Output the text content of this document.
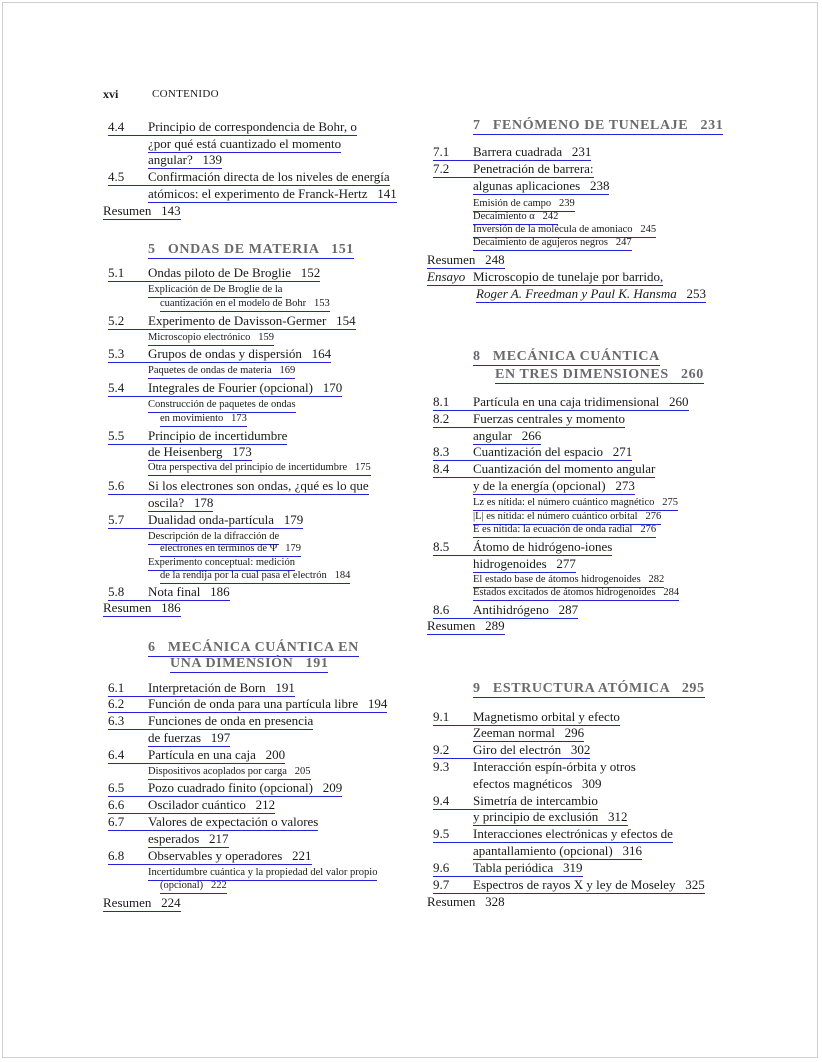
xvi	CONTENIDO
4.4 Principio de correspondencia de Bohr, o
¿por qué está cuantizado el momento
angular?   139
4.5 Confirmación directa de los niveles de energía
atómicos: el experimento de Franck-Hertz   141
Resumen   143
5   ONDAS DE MATERIA   151
5.1 Ondas piloto de De Broglie   152
Explicación de De Broglie de la
cuantización en el modelo de Bohr   153
5.2 Experimento de Davisson-Germer   154
Microscopio electrónico   159
5.3 Grupos de ondas y dispersión   164
Paquetes de ondas de materia   169
5.4 Integrales de Fourier (opcional)   170
Construcción de paquetes de ondas
en movimiento   173
5.5 Principio de incertidumbre
de Heisenberg   173
Otra perspectiva del principio de incertidumbre   175
5.6 Si los electrones son ondas, ¿qué es lo que
oscila?   178
5.7 Dualidad onda-partícula   179
Descripción de la difracción de
electrones en términos de Ψ   179
Experimento conceptual: medición
de la rendija por la cual pasa el electrón   184
5.8 Nota final   186
Resumen   186
6   MECÁNICA CUÁNTICA EN
UNA DIMENSIÓN   191
6.1 Interpretación de Born   191
6.2 Función de onda para una partícula libre   194
6.3 Funciones de onda en presencia
de fuerzas   197
6.4 Partícula en una caja   200
Dispositivos acoplados por carga   205
6.5 Pozo cuadrado finito (opcional)   209
6.6 Oscilador cuántico   212
6.7 Valores de expectación o valores
esperados   217
6.8 Observables y operadores   221
Incertidumbre cuántica y la propiedad del valor propio
(opcional)   222
Resumen   224
7   FENÓMENO DE TUNELAJE   231
7.1 Barrera cuadrada   231
7.2 Penetración de barrera:
algunas aplicaciones   238
Emisión de campo   239
Decaimiento α   242
Inversión de la molécula de amoniaco   245
Decaimiento de agujeros negros   247
Resumen   248
Ensayo Microscopio de tunelaje por barrido,
Roger A. Freedman y Paul K. Hansma   253
8   MECÁNICA CUÁNTICA
EN TRES DIMENSIONES   260
8.1 Partícula en una caja tridimensional   260
8.2 Fuerzas centrales y momento
angular   266
8.3 Cuantización del espacio   271
8.4 Cuantización del momento angular
y de la energía (opcional)   273
Lz es nítida: el número cuántico magnético   275
|L| es nítida: el número cuántico orbital   276
E es nítida: la ecuación de onda radial   276
8.5 Átomo de hidrógeno-iones
hidrogenoides   277
El estado base de átomos hidrogenoides   282
Estados excitados de átomos hidrogenoides   284
8.6 Antihidrógeno   287
Resumen   289
9   ESTRUCTURA ATÓMICA   295
9.1 Magnetismo orbital y efecto
Zeeman normal   296
9.2 Giro del electrón   302
9.3 Interacción espín-órbita y otros
efectos magnéticos   309
9.4 Simetría de intercambio
y principio de exclusión   312
9.5 Interacciones electrónicas y efectos de
apantallamiento (opcional)   316
9.6 Tabla periódica   319
9.7 Espectros de rayos X y ley de Moseley   325
Resumen   328
